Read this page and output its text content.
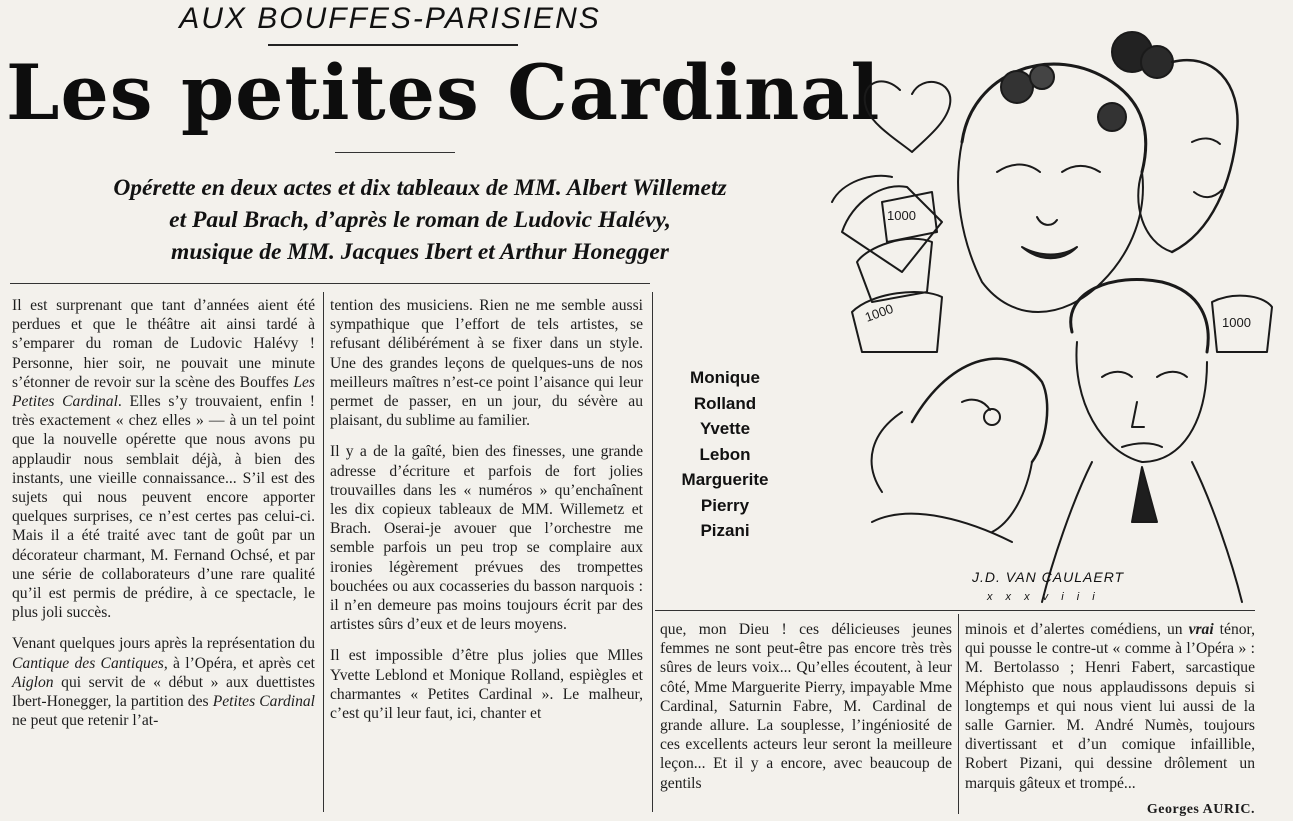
AUX BOUFFES-PARISIENS
Les petites Cardinal
Opérette en deux actes et dix tableaux de MM. Albert Willemetz
et Paul Brach, d’après le roman de Ludovic Halévy,
musique de MM. Jacques Ibert et Arthur Honegger

Il est surprenant que tant d’années aient été perdues et que le théâtre ait ainsi tardé à s’emparer du roman de Ludovic Halévy ! Personne, hier soir, ne pouvait une minute s’étonner de revoir sur la scène des Bouffes Les Petites Cardinal. Elles s’y trouvaient, enfin ! très exactement « chez elles » — à un tel point que la nouvelle opérette que nous avons pu applaudir nous semblait déjà, à bien des instants, une vieille connaissance... S’il est des sujets qui nous peuvent encore apporter quelques surprises, ce n’est certes pas celui-ci. Mais il a été traité avec tant de goût par un décorateur charmant, M. Fernand Ochsé, et par une série de collaborateurs d’une rare qualité qu’il est permis de prédire, à ce spectacle, le plus joli succès.

Venant quelques jours après la représentation du Cantique des Cantiques, à l’Opéra, et après cet Aiglon qui servit de « début » aux duettistes Ibert-Honegger, la partition des Petites Cardinal ne peut que retenir l’at-

tention des musiciens. Rien ne me semble aussi sympathique que l’effort de tels artistes, se refusant délibérément à se fixer dans un style. Une des grandes leçons de quelques-uns de nos meilleurs maîtres n’est-ce point l’aisance qui leur permet de passer, en un jour, du sévère au plaisant, du sublime au familier.

Il y a de la gaîté, bien des finesses, une grande adresse d’écriture et parfois de fort jolies trouvailles dans les « numéros » qu’enchaînent les dix copieux tableaux de MM. Willemetz et Brach. Oserai-je avouer que l’orchestre me semble parfois un peu trop se complaire aux ironies légèrement prévues des trompettes bouchées ou aux cocasseries du basson narquois : il n’en demeure pas moins toujours écrit par des artistes sûrs d’eux et de leurs moyens.

Il est impossible d’être plus jolies que Mlles Yvette Leblond et Monique Rolland, espiègles et charmantes « Petites Cardinal ». Le malheur, c’est qu’il leur faut, ici, chanter et

Monique
Rolland
Yvette
Lebon
Marguerite
Pierry
Pizani
1000
1000	1000
J.D. VAN CAULAERT
x x x v i i i

que, mon Dieu ! ces délicieuses jeunes femmes ne sont peut-être pas encore très très sûres de leurs voix... Qu’elles écoutent, à leur côté, Mme Marguerite Pierry, impayable Mme Cardinal, Saturnin Fabre, M. Cardinal de grande allure. La souplesse, l’ingéniosité de ces excellents acteurs leur seront la meilleure leçon... Et il y a encore, avec beaucoup de gentils

minois et d’alertes comédiens, un vrai ténor, qui pousse le contre-ut « comme à l’Opéra » : M. Bertolasso ; Henri Fabert, sarcastique Méphisto que nous applaudissons depuis si longtemps et qui nous vient lui aussi de la salle Garnier. M. André Numès, toujours divertissant et d’un comique infaillible, Robert Pizani, qui dessine drôlement un marquis gâteux et trompé...

Georges AURIC.
